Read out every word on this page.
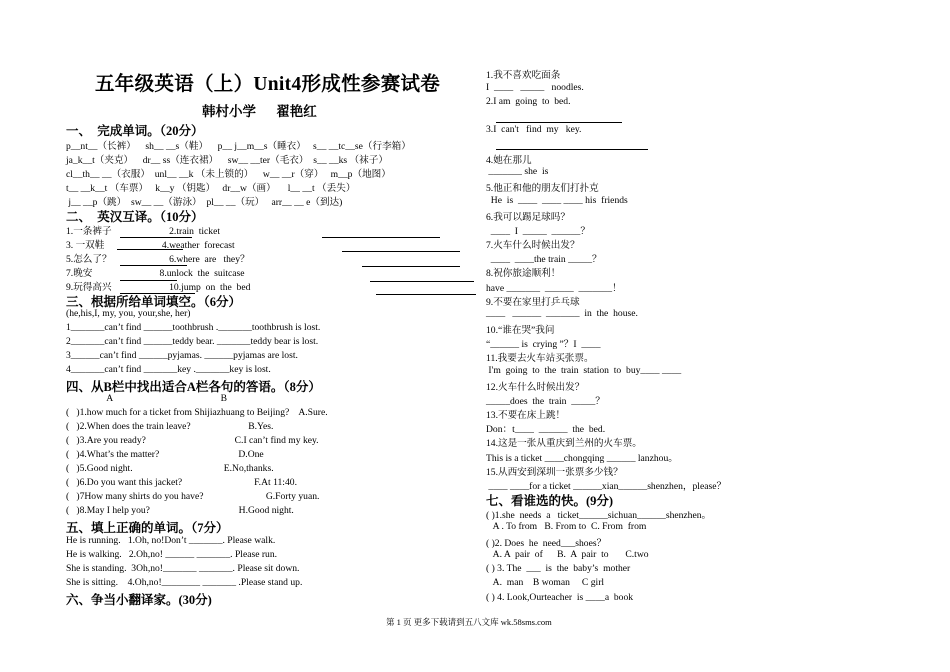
五年级英语（上）Unit4形成性参赛试卷
韩村小学      翟艳红
一、  完成单词。（20分）
p__nt__（长裤）    sh__ __s（鞋）    p__ j__m__s（睡衣）   s__ __tc__se（行李箱）
ja_k__t（夹克）    dr__ ss（连衣裙）    sw__ __ter（毛衣）  s__ __ks （袜子）
cl__th__ __（衣服）  unl__ __k （未上锁的）    w__ __r（穿）   m__p（地图）
t__ __k__t （车票）   k__y （钥匙）   dr__w（画）     l__ __t （丢失）
j__ __p（跳）  sw__ __（游泳）  pl__ __（玩）   arr__ __ e（到达)
二、  英汉互译。（10分）
1.一条裤子                        2.train  ticket
3. 一双鞋                        4.weather  forecast
5.怎么了？                        6.where  are   they？
7.晚安                            8.unlock  the  suitcase
9.玩得高兴                        10.jump  on  the  bed
三、根据所给单词填空。（6分）
(he,his,I, my, you, your,she, her)
1_______can’t find ______toothbrush ._______toothbrush is lost.
2_______can’t find ______teddy bear. _______teddy bear is lost.
3______can’t find ______pyjamas. ______pyjamas are lost.
4_______can’t find _______key ._______key is lost.
四、从B栏中找出适合A栏各句的答语。（8分）
A                                             B
(   )1.how much for a ticket from Shijiazhuang to Beijing?    A.Sure.
(   )2.When does the train leave?                        B.Yes.
(   )3.Are you ready?                                     C.I can’t find my key.
(   )4.What’s the matter?                                 D.One
(   )5.Good night.                                      E.No,thanks.
(   )6.Do you want this jacket?                              F.At 11:40.
(   )7How many shirts do you have?                          G.Forty yuan.
(   )8.May I help you?                                     H.Good night.
五、填上正确的单词。（7分）
He is running.   1.Oh, no!Don’t _______. Please walk.
He is walking.   2.Oh,no! ______ _______. Please run.
She is standing.  3Oh,no!_______ _______. Please sit down.
She is sitting.    4.Oh,no!________ _______ .Please stand up.
六、争当小翻译家。(30分)
1.我不喜欢吃面条
I  ____   _____   noodles.
2.I am  going  to  bed.
3.I  can't   find  my   key.
4.她在那儿
_______ she  is
5.他正和他的朋友们打扑克
He  is  ____  ____ ____ his  friends
6.我可以踢足球吗？
____  I  _____  ______？
7.火车什么时候出发？
____  ____the train _____？
8.祝你旅途顺利！
have _______  ______  _______！
9.不要在家里打乒乓球
____   ______  _______  in  the  house.
10.“谁在哭”我问
“______ is  crying ”？I  ____
11.我要去火车站买张票。
I'm  going  to  the  train  station  to  buy____ ____
12.火车什么时候出发？
_____does  the  train  _____？
13.不要在床上跳！
Don：t____  ______  the  bed.
14.这是一张从重庆到兰州的火车票。
This is a ticket ____chongqing ______ lanzhou。
15.从西安到深圳一张票多少钱？
____ ____for a ticket ______xian______shenzhen，please？
七、看谁选的快。(9分)
( )1.she  needs  a   ticket______sichuan______shenzhen。
A . To from   B. From to  C. From  from
( )2. Does  he  need___shoes？
A. A  pair  of      B.  A  pair  to       C.two
( ) 3. The  ___  is  the  baby’s  mother
A.  man    B woman     C girl
( ) 4. Look,Ourteacher  is ____a  book
第 1 页 更多下载请到五八文库 wk.58sms.com
